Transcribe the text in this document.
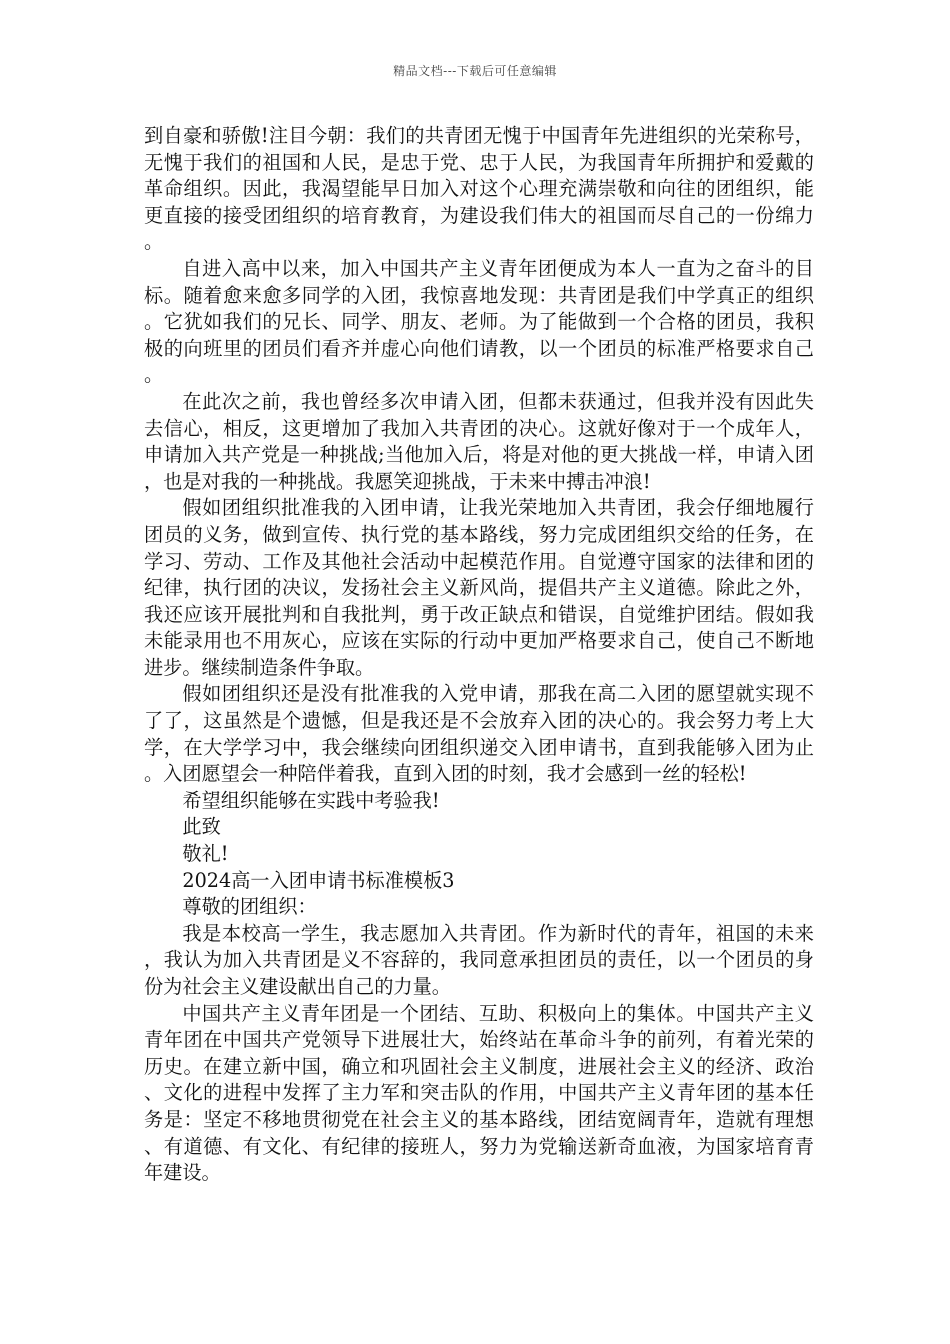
精品文档---下载后可任意编辑

到自豪和骄傲!注目今朝：我们的共青团无愧于中国青年先进组织的光荣称号，无愧于我们的祖国和人民，是忠于党、忠于人民，为我国青年所拥护和爱戴的革命组织。因此，我渴望能早日加入对这个心理充满崇敬和向往的团组织，能更直接的接受团组织的培育教育，为建设我们伟大的祖国而尽自己的一份绵力。

自进入高中以来，加入中国共产主义青年团便成为本人一直为之奋斗的目标。随着愈来愈多同学的入团，我惊喜地发现：共青团是我们中学真正的组织。它犹如我们的兄长、同学、朋友、老师。为了能做到一个合格的团员，我积极的向班里的团员们看齐并虚心向他们请教，以一个团员的标准严格要求自己。

在此次之前，我也曾经多次申请入团，但都未获通过，但我并没有因此失去信心，相反，这更增加了我加入共青团的决心。这就好像对于一个成年人，申请加入共产党是一种挑战;当他加入后，将是对他的更大挑战一样，申请入团，也是对我的一种挑战。我愿笑迎挑战，于未来中搏击冲浪!

假如团组织批准我的入团申请，让我光荣地加入共青团，我会仔细地履行团员的义务，做到宣传、执行党的基本路线，努力完成团组织交给的任务，在学习、劳动、工作及其他社会活动中起模范作用。自觉遵守国家的法律和团的纪律，执行团的决议，发扬社会主义新风尚，提倡共产主义道德。除此之外，我还应该开展批判和自我批判，勇于改正缺点和错误，自觉维护团结。假如我未能录用也不用灰心，应该在实际的行动中更加严格要求自己，使自己不断地进步。继续制造条件争取。

假如团组织还是没有批准我的入党申请，那我在高二入团的愿望就实现不了了，这虽然是个遗憾，但是我还是不会放弃入团的决心的。我会努力考上大学，在大学学习中，我会继续向团组织递交入团申请书，直到我能够入团为止。入团愿望会一种陪伴着我，直到入团的时刻，我才会感到一丝的轻松!

希望组织能够在实践中考验我!

此致

敬礼!

2024高一入团申请书标准模板3

尊敬的团组织：

我是本校高一学生，我志愿加入共青团。作为新时代的青年，祖国的未来，我认为加入共青团是义不容辞的，我同意承担团员的责任，以一个团员的身份为社会主义建设献出自己的力量。

中国共产主义青年团是一个团结、互助、积极向上的集体。中国共产主义青年团在中国共产党领导下进展壮大，始终站在革命斗争的前列，有着光荣的历史。在建立新中国，确立和巩固社会主义制度，进展社会主义的经济、政治、文化的进程中发挥了主力军和突击队的作用，中国共产主义青年团的基本任务是：坚定不移地贯彻党在社会主义的基本路线，团结宽阔青年，造就有理想、有道德、有文化、有纪律的接班人，努力为党输送新奇血液，为国家培育青年建设。
